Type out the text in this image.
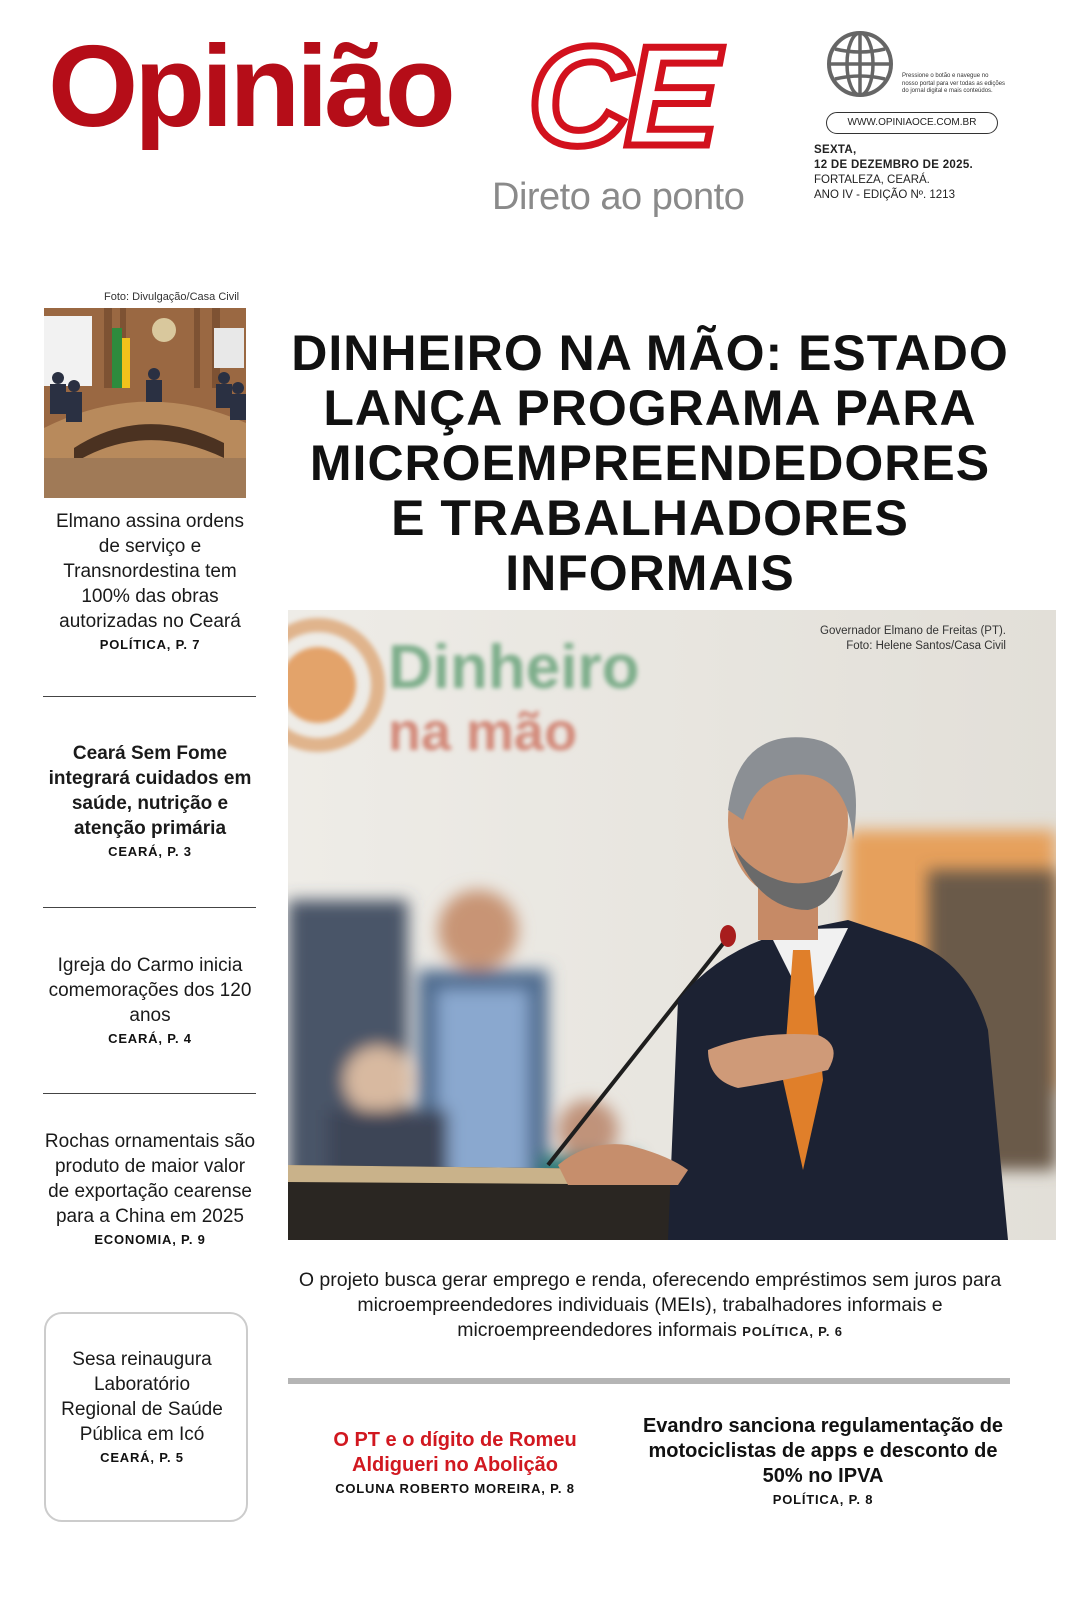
Opinião CE
Direto ao ponto
Pressione o botão e navegue no nosso portal para ver todas as edições do jornal digital e mais conteúdos.
WWW.OPINIAOCE.COM.BR
SEXTA,
12 DE DEZEMBRO DE 2025.
FORTALEZA, CEARÁ.
ANO IV - EDIÇÃO Nº. 1213
Foto: Divulgação/Casa Civil
Elmano assina ordens de serviço e Transnordestina tem 100% das obras autorizadas no Ceará
POLÍTICA, P. 7
Ceará Sem Fome integrará cuidados em saúde, nutrição e atenção primária
CEARÁ, P. 3
Igreja do Carmo inicia comemorações dos 120 anos
CEARÁ, P. 4
Rochas ornamentais são produto de maior valor de exportação cearense para a China em 2025
ECONOMIA, P. 9
Sesa reinaugura Laboratório Regional de Saúde Pública em Icó
CEARÁ, P. 5
DINHEIRO NA MÃO: ESTADO LANÇA PROGRAMA PARA MICROEMPREENDEDORES E TRABALHADORES INFORMAIS
Dinheiro
na mão
Governador Elmano de Freitas (PT).
Foto: Helene Santos/Casa Civil
O projeto busca gerar emprego e renda, oferecendo empréstimos sem juros para microempreendedores individuais (MEIs), trabalhadores informais e microempreendedores informais POLÍTICA, P. 6
O PT e o dígito de Romeu Aldigueri no Abolição
COLUNA ROBERTO MOREIRA, P. 8
Evandro sanciona regulamentação de motociclistas de apps e desconto de 50% no IPVA
POLÍTICA, P. 8
